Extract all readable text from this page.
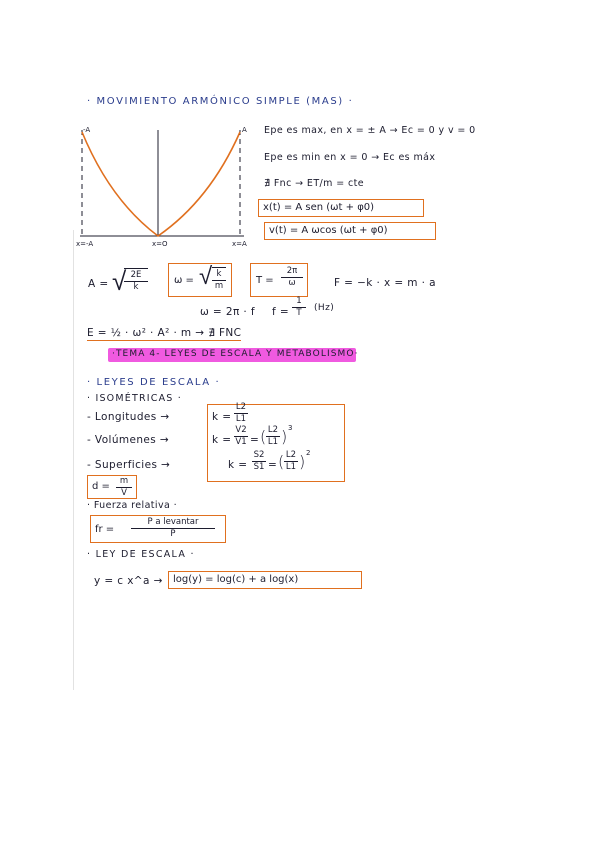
· MOVIMIENTO ARMÓNICO SIMPLE (MAS) ·
-A	A
x=-A	x=O	x=A
Epe es max, en x = ± A → Ec = 0 y v = 0
Epe es min en x = 0 → Ec es máx
∄ Fnc → ET/m = cte
x(t) = A sen (ωt + φ0)
v(t) = A ωcos (ωt + φ0)
A = √ 2E
k
ω = √ k
m	T =
2π
ω	F = −k · x = m · a
ω = 2π · f f =
1
T	(Hz)
E = ½ · ω² · A² · m → ∄ FNC
·TEMA 4- LEYES DE ESCALA Y METABOLISMO·
· LEYES DE ESCALA ·
· ISOMÉTRICAS ·
- Longitudes →	k =
L2
L1
- Volúmenes →	k =
V2
V1 = ( L2
L1 ) 3
- Superficies →	k =
S2
S1 = ( L2
L1 ) 2
d =	m
V
· Fuerza relativa ·
fr =
P a levantar
P
· LEY DE ESCALA ·
y = c x^a → log(y) = log(c) + a log(x)
